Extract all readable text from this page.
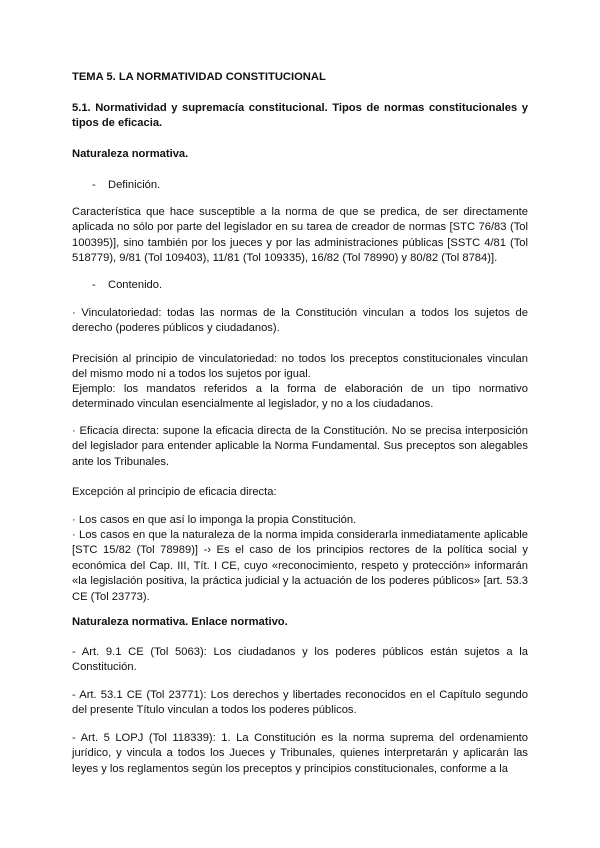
TEMA 5. LA NORMATIVIDAD CONSTITUCIONAL

5.1. Normatividad y supremacía constitucional. Tipos de normas constitucionales y tipos de eficacia.

Naturaleza normativa.

- Definición.

Característica que hace susceptible a la norma de que se predica, de ser directamente aplicada no sólo por parte del legislador en su tarea de creador de normas [STC 76/83 (Tol 100395)], sino también por los jueces y por las administraciones públicas [SSTC 4/81 (Tol 518779), 9/81 (Tol 109403), 11/81 (Tol 109335), 16/82 (Tol 78990) y 80/82 (Tol 8784)].

- Contenido.

· Vinculatoriedad: todas las normas de la Constitución vinculan a todos los sujetos de derecho (poderes públicos y ciudadanos).

Precisión al principio de vinculatoriedad: no todos los preceptos constitucionales vinculan del mismo modo ni a todos los sujetos por igual.

Ejemplo: los mandatos referidos a la forma de elaboración de un tipo normativo determinado vinculan esencialmente al legislador, y no a los ciudadanos.

· Eficacia directa: supone la eficacia directa de la Constitución. No se precisa interposición del legislador para entender aplicable la Norma Fundamental. Sus preceptos son alegables ante los Tribunales.

Excepción al principio de eficacia directa:

· Los casos en que así lo imponga la propia Constitución.

· Los casos en que la naturaleza de la norma impida considerarla inmediatamente aplicable [STC 15/82 (Tol 78989)] -› Es el caso de los principios rectores de la política social y económica del Cap. III, Tít. I CE, cuyo «reconocimiento, respeto y protección» informarán «la legislación positiva, la práctica judicial y la actuación de los poderes públicos» [art. 53.3 CE (Tol 23773).

Naturaleza normativa. Enlace normativo.

- Art. 9.1 CE (Tol 5063): Los ciudadanos y los poderes públicos están sujetos a la Constitución.

- Art. 53.1 CE (Tol 23771): Los derechos y libertades reconocidos en el Capítulo segundo del presente Título vinculan a todos los poderes públicos.

- Art. 5 LOPJ (Tol 118339): 1. La Constitución es la norma suprema del ordenamiento jurídico, y vincula a todos los Jueces y Tribunales, quienes interpretarán y aplicarán las leyes y los reglamentos según los preceptos y principios constitucionales, conforme a la
